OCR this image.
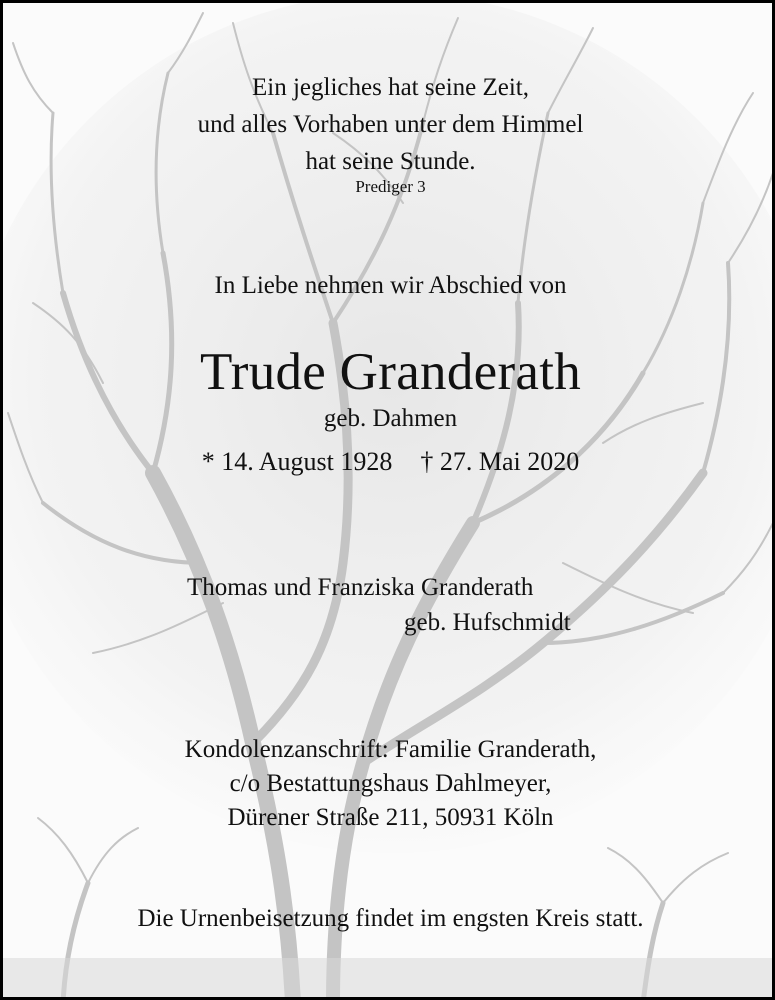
Ein jegliches hat seine Zeit,
und alles Vorhaben unter dem Himmel
hat seine Stunde.
Prediger 3
In Liebe nehmen wir Abschied von
Trude Granderath
geb. Dahmen
* 14. August 1928 † 27. Mai 2020
Thomas und Franziska Granderath
geb. Hufschmidt
Kondolenzanschrift: Familie Granderath,
c/o Bestattungshaus Dahlmeyer,
Dürener Straße 211, 50931 Köln
Die Urnenbeisetzung findet im engsten Kreis statt.
